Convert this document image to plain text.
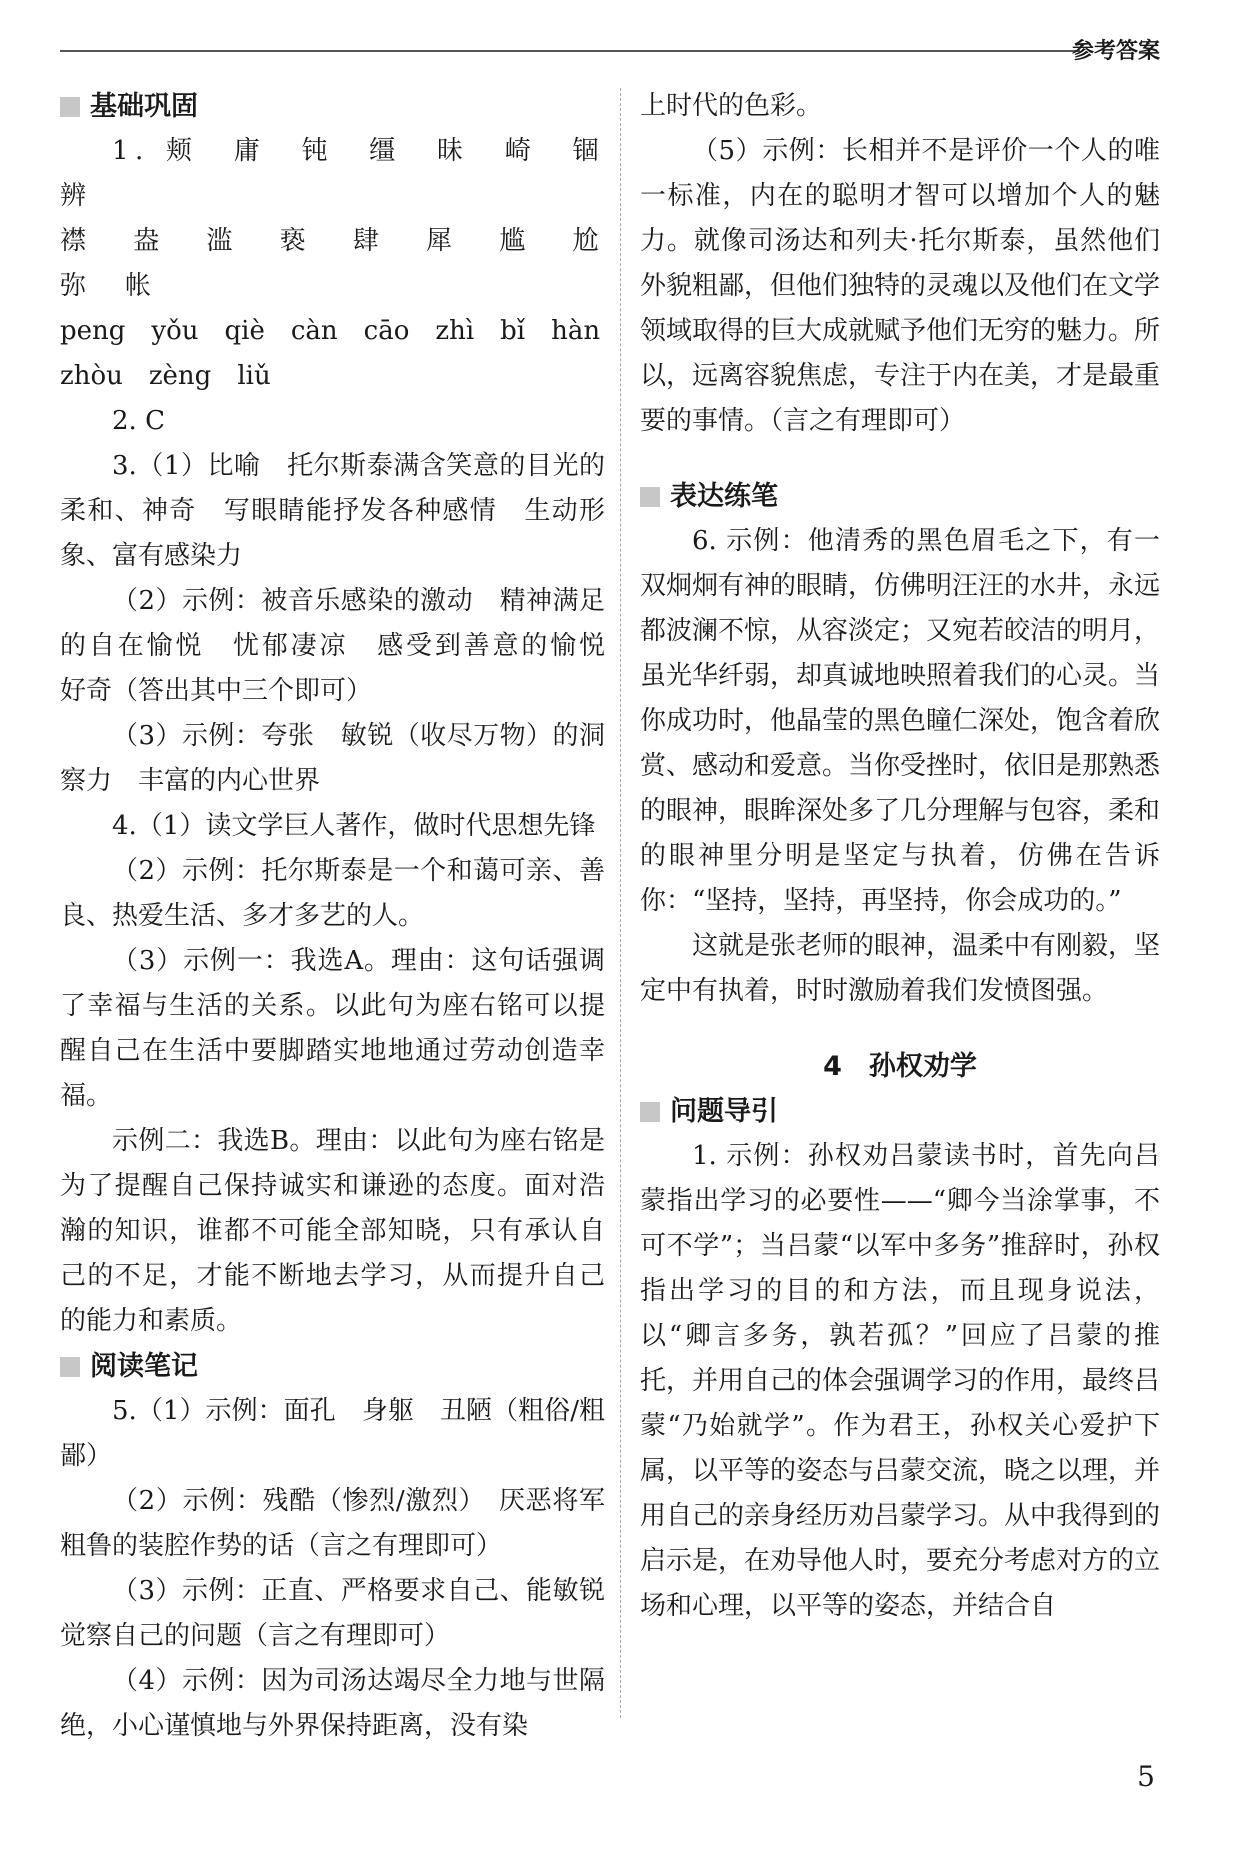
参考答案
基础巩固

1. 颊　庸　钝　缰　昧　崎　锢　辨

襟　盎　滥　亵　肆　犀　尴　尬　弥　帐

peng　yǒu　qiè　càn　cāo　zhì　bǐ　hàn

zhòu　zèng　liǔ

2. C

3.（1）比喻　托尔斯泰满含笑意的目光的柔和、神奇　写眼睛能抒发各种感情　生动形象、富有感染力

（2）示例：被音乐感染的激动　精神满足的自在愉悦　忧郁凄凉　感受到善意的愉悦　好奇（答出其中三个即可）

（3）示例：夸张　敏锐（收尽万物）的洞察力　丰富的内心世界

4.（1）读文学巨人著作，做时代思想先锋

（2）示例：托尔斯泰是一个和蔼可亲、善良、热爱生活、多才多艺的人。

（3）示例一：我选A。理由：这句话强调了幸福与生活的关系。以此句为座右铭可以提醒自己在生活中要脚踏实地地通过劳动创造幸福。

示例二：我选B。理由：以此句为座右铭是为了提醒自己保持诚实和谦逊的态度。面对浩瀚的知识，谁都不可能全部知晓，只有承认自己的不足，才能不断地去学习，从而提升自己的能力和素质。

阅读笔记

5.（1）示例：面孔　身躯　丑陋（粗俗/粗鄙）

（2）示例：残酷（惨烈/激烈）　厌恶将军粗鲁的装腔作势的话（言之有理即可）

（3）示例：正直、严格要求自己、能敏锐觉察自己的问题（言之有理即可）

（4）示例：因为司汤达竭尽全力地与世隔绝，小心谨慎地与外界保持距离，没有染

上时代的色彩。

（5）示例：长相并不是评价一个人的唯一标准，内在的聪明才智可以增加个人的魅力。就像司汤达和列夫·托尔斯泰，虽然他们外貌粗鄙，但他们独特的灵魂以及他们在文学领域取得的巨大成就赋予他们无穷的魅力。所以，远离容貌焦虑，专注于内在美，才是最重要的事情。（言之有理即可）

表达练笔

6. 示例：他清秀的黑色眉毛之下，有一双炯炯有神的眼睛，仿佛明汪汪的水井，永远都波澜不惊，从容淡定；又宛若皎洁的明月，虽光华纤弱，却真诚地映照着我们的心灵。当你成功时，他晶莹的黑色瞳仁深处，饱含着欣赏、感动和爱意。当你受挫时，依旧是那熟悉的眼神，眼眸深处多了几分理解与包容，柔和的眼神里分明是坚定与执着，仿佛在告诉你：“坚持，坚持，再坚持，你会成功的。”

这就是张老师的眼神，温柔中有刚毅，坚定中有执着，时时激励着我们发愤图强。

4　孙权劝学
问题导引

1. 示例：孙权劝吕蒙读书时，首先向吕蒙指出学习的必要性——“卿今当涂掌事，不可不学”；当吕蒙“以军中多务”推辞时，孙权指出学习的目的和方法，而且现身说法，以“卿言多务，孰若孤？”回应了吕蒙的推托，并用自己的体会强调学习的作用，最终吕蒙“乃始就学”。作为君王，孙权关心爱护下属，以平等的姿态与吕蒙交流，晓之以理，并用自己的亲身经历劝吕蒙学习。从中我得到的启示是，在劝导他人时，要充分考虑对方的立场和心理，以平等的姿态，并结合自

5
